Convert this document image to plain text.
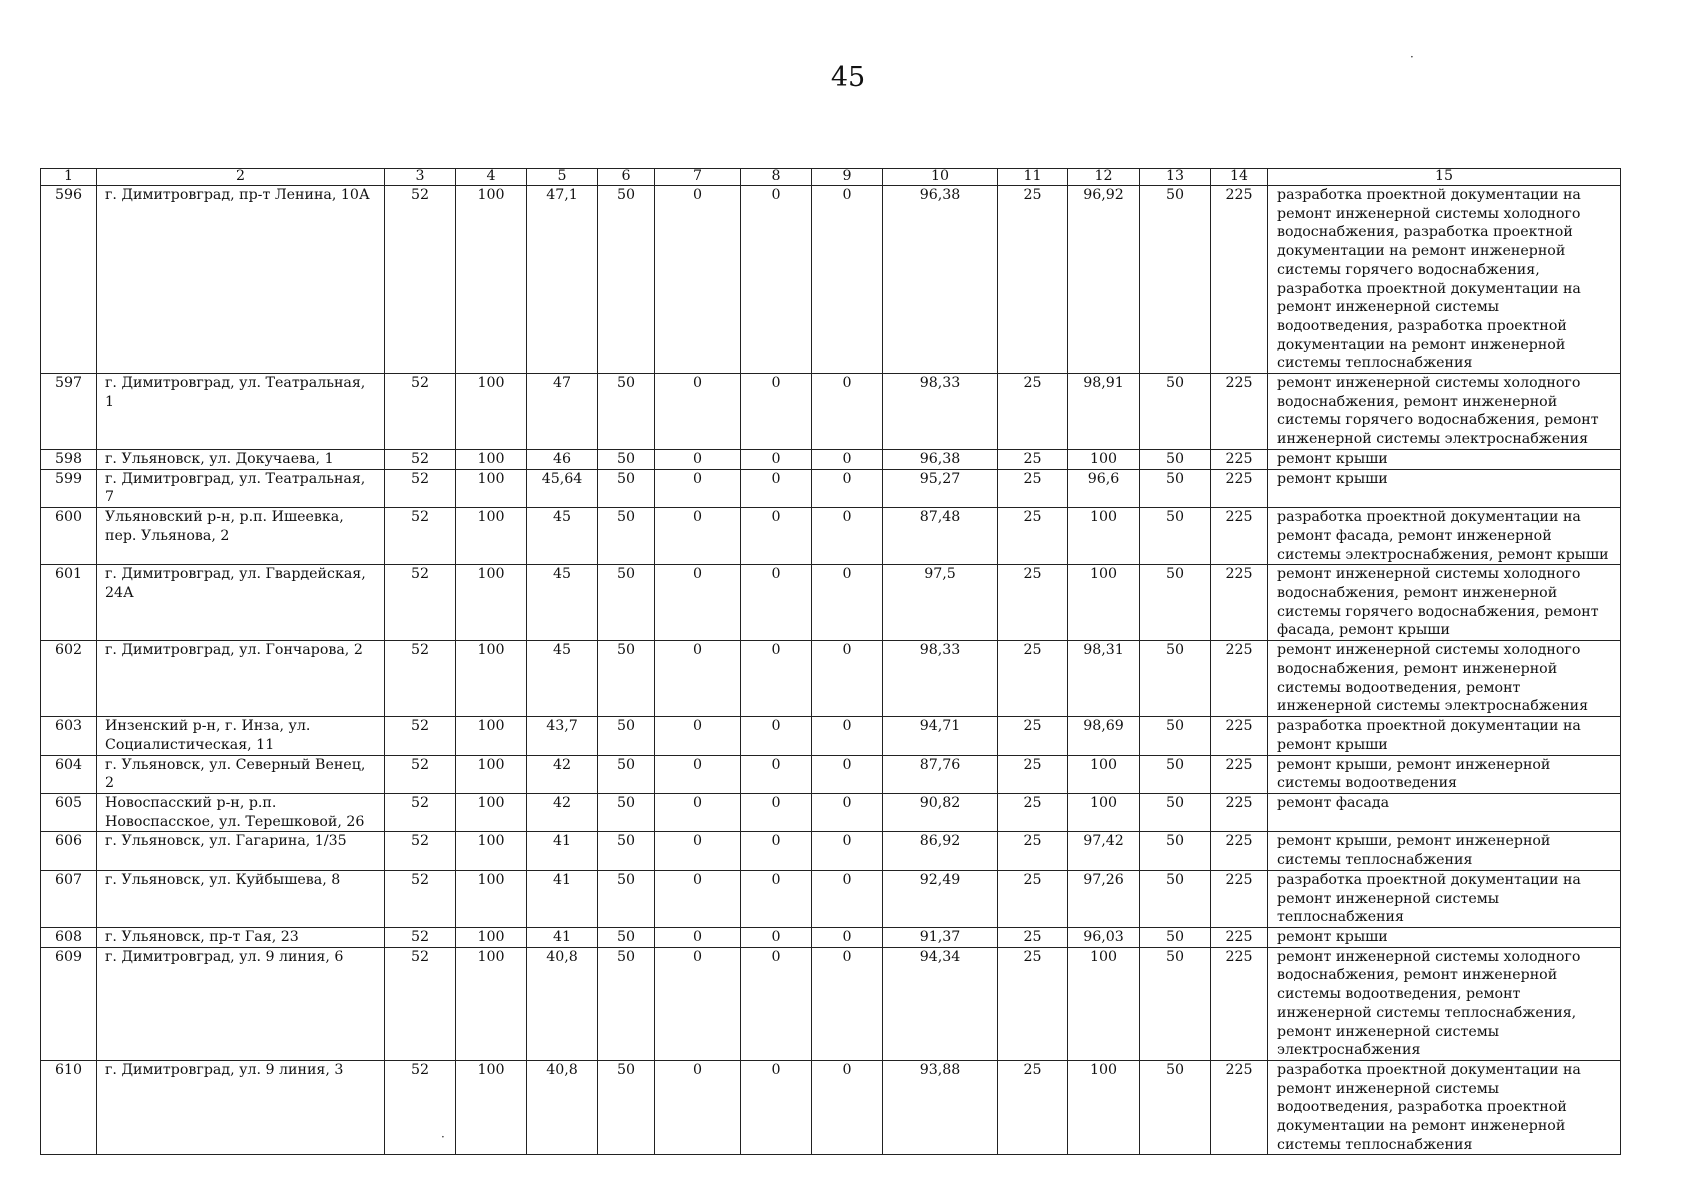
45
1	2	3	4	5	6	7	8	9	10	11	12	13	14	15
596	г. Димитровград, пр-т Ленина, 10А	52	100	47,1	50	0	0	0	96,38	25	96,92	50	225	разработка проектной документации на ремонт инженерной системы холодного водоснабжения, разработка проектной документации на ремонт инженерной системы горячего водоснабжения, разработка проектной документации на ремонт инженерной системы водоотведения, разработка проектной документации на ремонт инженерной системы теплоснабжения
597	г. Димитровград, ул. Театральная, 1	52	100	47	50	0	0	0	98,33	25	98,91	50	225	ремонт инженерной системы холодного водоснабжения, ремонт инженерной системы горячего водоснабжения, ремонт инженерной системы электроснабжения
598	г. Ульяновск, ул. Докучаева, 1	52	100	46	50	0	0	0	96,38	25	100	50	225	ремонт крыши
599	г. Димитровград, ул. Театральная, 7	52	100	45,64	50	0	0	0	95,27	25	96,6	50	225	ремонт крыши
600	Ульяновский р-н, р.п. Ишеевка, пер. Ульянова, 2	52	100	45	50	0	0	0	87,48	25	100	50	225	разработка проектной документации на ремонт фасада, ремонт инженерной системы электроснабжения, ремонт крыши
601	г. Димитровград, ул. Гвардейская, 24А	52	100	45	50	0	0	0	97,5	25	100	50	225	ремонт инженерной системы холодного водоснабжения, ремонт инженерной системы горячего водоснабжения, ремонт фасада, ремонт крыши
602	г. Димитровград, ул. Гончарова, 2	52	100	45	50	0	0	0	98,33	25	98,31	50	225	ремонт инженерной системы холодного водоснабжения, ремонт инженерной системы водоотведения, ремонт инженерной системы электроснабжения
603	Инзенский р-н, г. Инза, ул. Социалистическая, 11	52	100	43,7	50	0	0	0	94,71	25	98,69	50	225	разработка проектной документации на ремонт крыши
604	г. Ульяновск, ул. Северный Венец, 2	52	100	42	50	0	0	0	87,76	25	100	50	225	ремонт крыши, ремонт инженерной системы водоотведения
605	Новоспасский р-н, р.п. Новоспасское, ул. Терешковой, 26	52	100	42	50	0	0	0	90,82	25	100	50	225	ремонт фасада
606	г. Ульяновск, ул. Гагарина, 1/35	52	100	41	50	0	0	0	86,92	25	97,42	50	225	ремонт крыши, ремонт инженерной системы теплоснабжения
607	г. Ульяновск, ул. Куйбышева, 8	52	100	41	50	0	0	0	92,49	25	97,26	50	225	разработка проектной документации на ремонт инженерной системы теплоснабжения
608	г. Ульяновск, пр-т Гая, 23	52	100	41	50	0	0	0	91,37	25	96,03	50	225	ремонт крыши
609	г. Димитровград, ул. 9 линия, 6	52	100	40,8	50	0	0	0	94,34	25	100	50	225	ремонт инженерной системы холодного водоснабжения, ремонт инженерной системы водоотведения, ремонт инженерной системы теплоснабжения, ремонт инженерной системы электроснабжения
610	г. Димитровград, ул. 9 линия, 3	52	100	40,8	50	0	0	0	93,88	25	100	50	225	разработка проектной документации на ремонт инженерной системы водоотведения, разработка проектной документации на ремонт инженерной системы теплоснабжения
·
·
